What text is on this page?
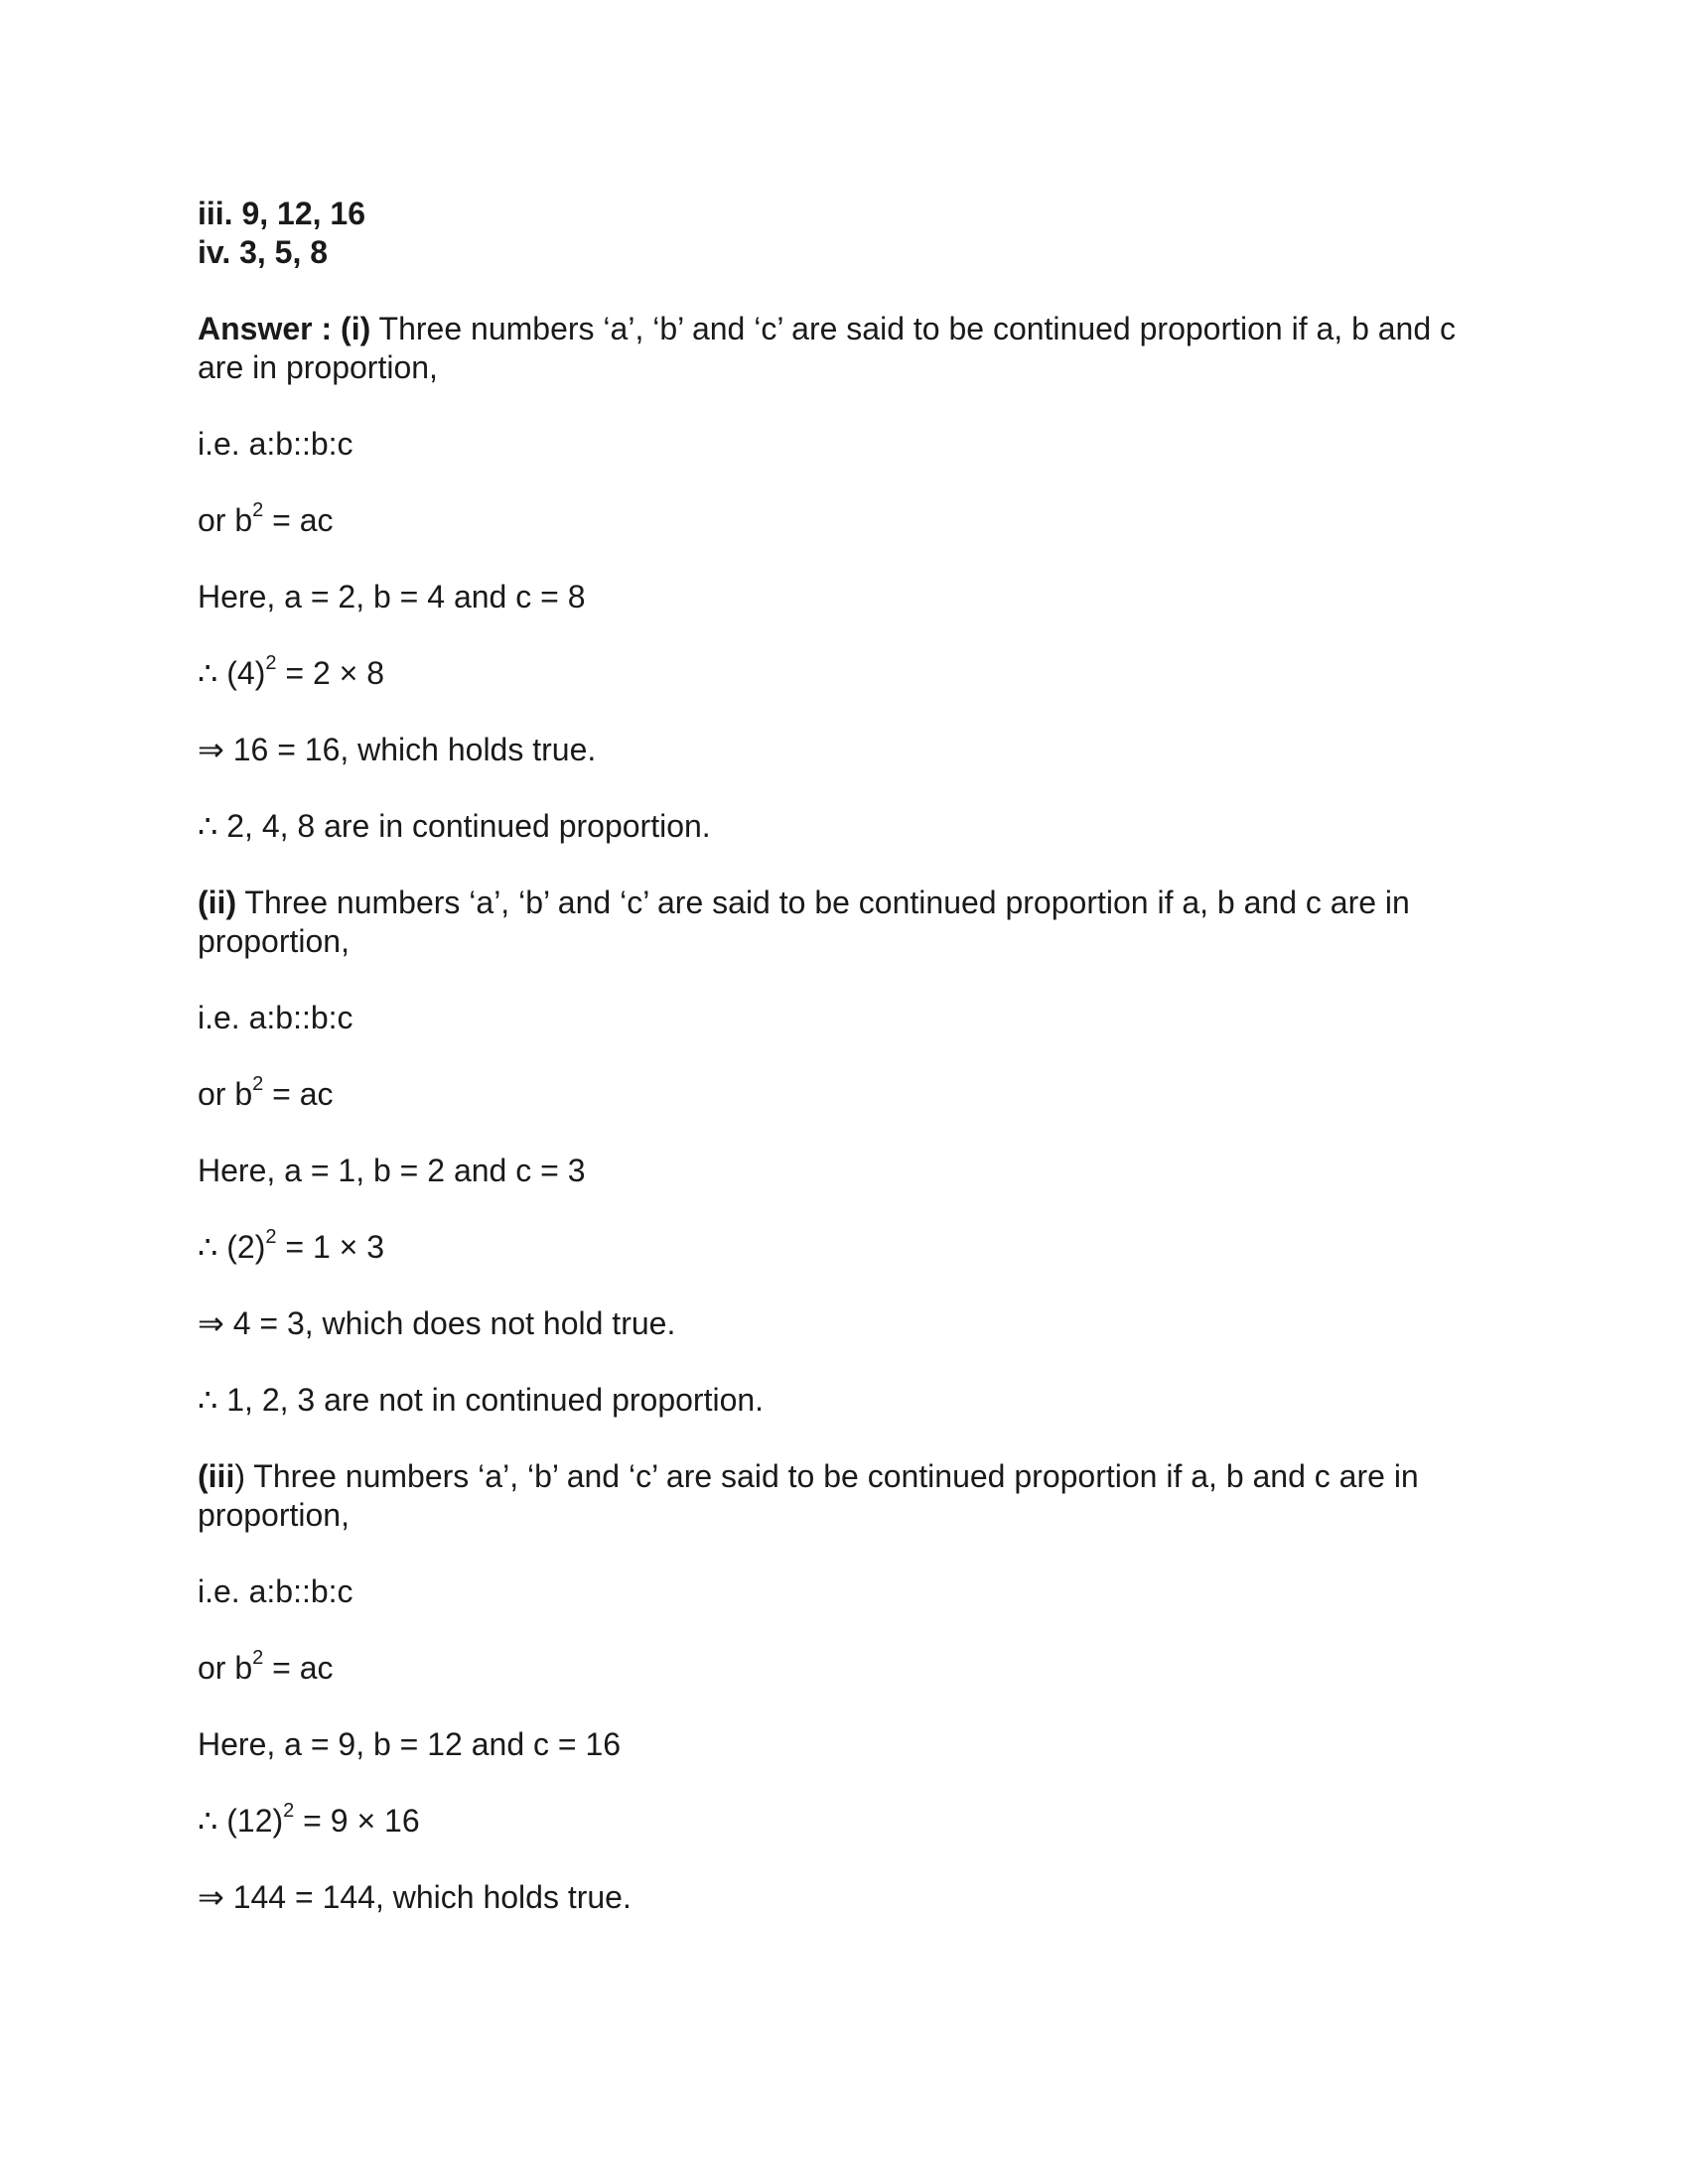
iii. 9, 12, 16
iv. 3, 5, 8

Answer : (i) Three numbers ‘a’, ‘b’ and ‘c’ are said to be continued proportion if a, b and c are in proportion,

i.e. a:b::b:c

or $b^2$ = ac

Here, a = 2, b = 4 and c = 8

∴ $(4)^2 = 2 \times 8$

⇒ 16 = 16, which holds true.

∴ 2, 4, 8 are in continued proportion.

(ii) Three numbers ‘a’, ‘b’ and ‘c’ are said to be continued proportion if a, b and c are in proportion,

i.e. a:b::b:c

or $b^2$ = ac

Here, a = 1, b = 2 and c = 3

∴ $(2)^2 = 1 \times 3$

⇒ 4 = 3, which does not hold true.

∴ 1, 2, 3 are not in continued proportion.

(iii) Three numbers ‘a’, ‘b’ and ‘c’ are said to be continued proportion if a, b and c are in proportion,

i.e. a:b::b:c

or $b^2$ = ac

Here, a = 9, b = 12 and c = 16

∴ $(12)^2 = 9 \times 16$

⇒ 144 = 144, which holds true.
